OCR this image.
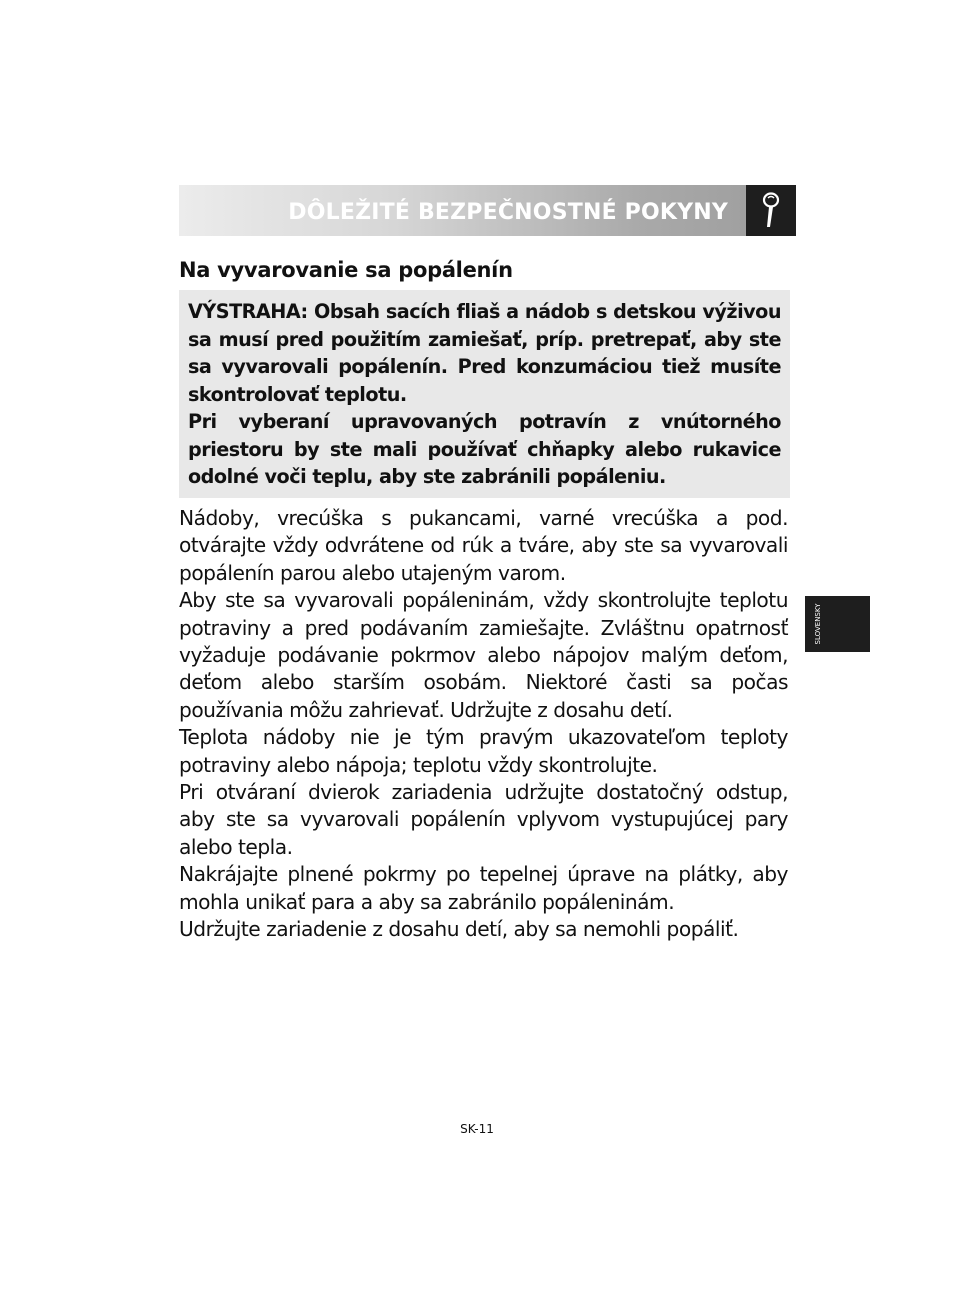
DÔLEŽITÉ BEZPEČNOSTNÉ POKYNY
Na vyvarovanie sa popálenín

VÝSTRAHA: Obsah sacích fliaš a nádob s detskou výživou sa musí pred použitím zamiešať, príp. pretrepať, aby ste sa vyvarovali popálenín. Pred konzumáciou tiež musíte skontrolovať teplotu.

Pri vyberaní upravovaných potravín z vnútorného priestoru by ste mali používať chňapky alebo rukavice odolné voči teplu, aby ste zabránili popáleniu.

Nádoby, vrecúška s pukancami, varné vrecúška a pod. otvárajte vždy odvrátene od rúk a tváre, aby ste sa vyvarovali popálenín parou alebo utajeným varom.

Aby ste sa vyvarovali popáleninám, vždy skontrolujte teplotu potraviny a pred podávaním zamiešajte. Zvláštnu opatrnosť vyžaduje podávanie pokrmov alebo nápojov malým deťom, deťom alebo starším osobám. Niektoré časti sa počas používania môžu zahrievať. Udržujte z dosahu detí.

Teplota nádoby nie je tým pravým ukazovateľom teploty potraviny alebo nápoja; teplotu vždy skontrolujte.

Pri otváraní dvierok zariadenia udržujte dostatočný odstup, aby ste sa vyvarovali popálenín vplyvom vystupujúcej pary alebo tepla.

Nakrájajte plnené pokrmy po tepelnej úprave na plátky, aby mohla unikať para a aby sa zabránilo popáleninám.

Udržujte zariadenie z dosahu detí, aby sa nemohli popáliť.

SLOVENSKY
SK-11
